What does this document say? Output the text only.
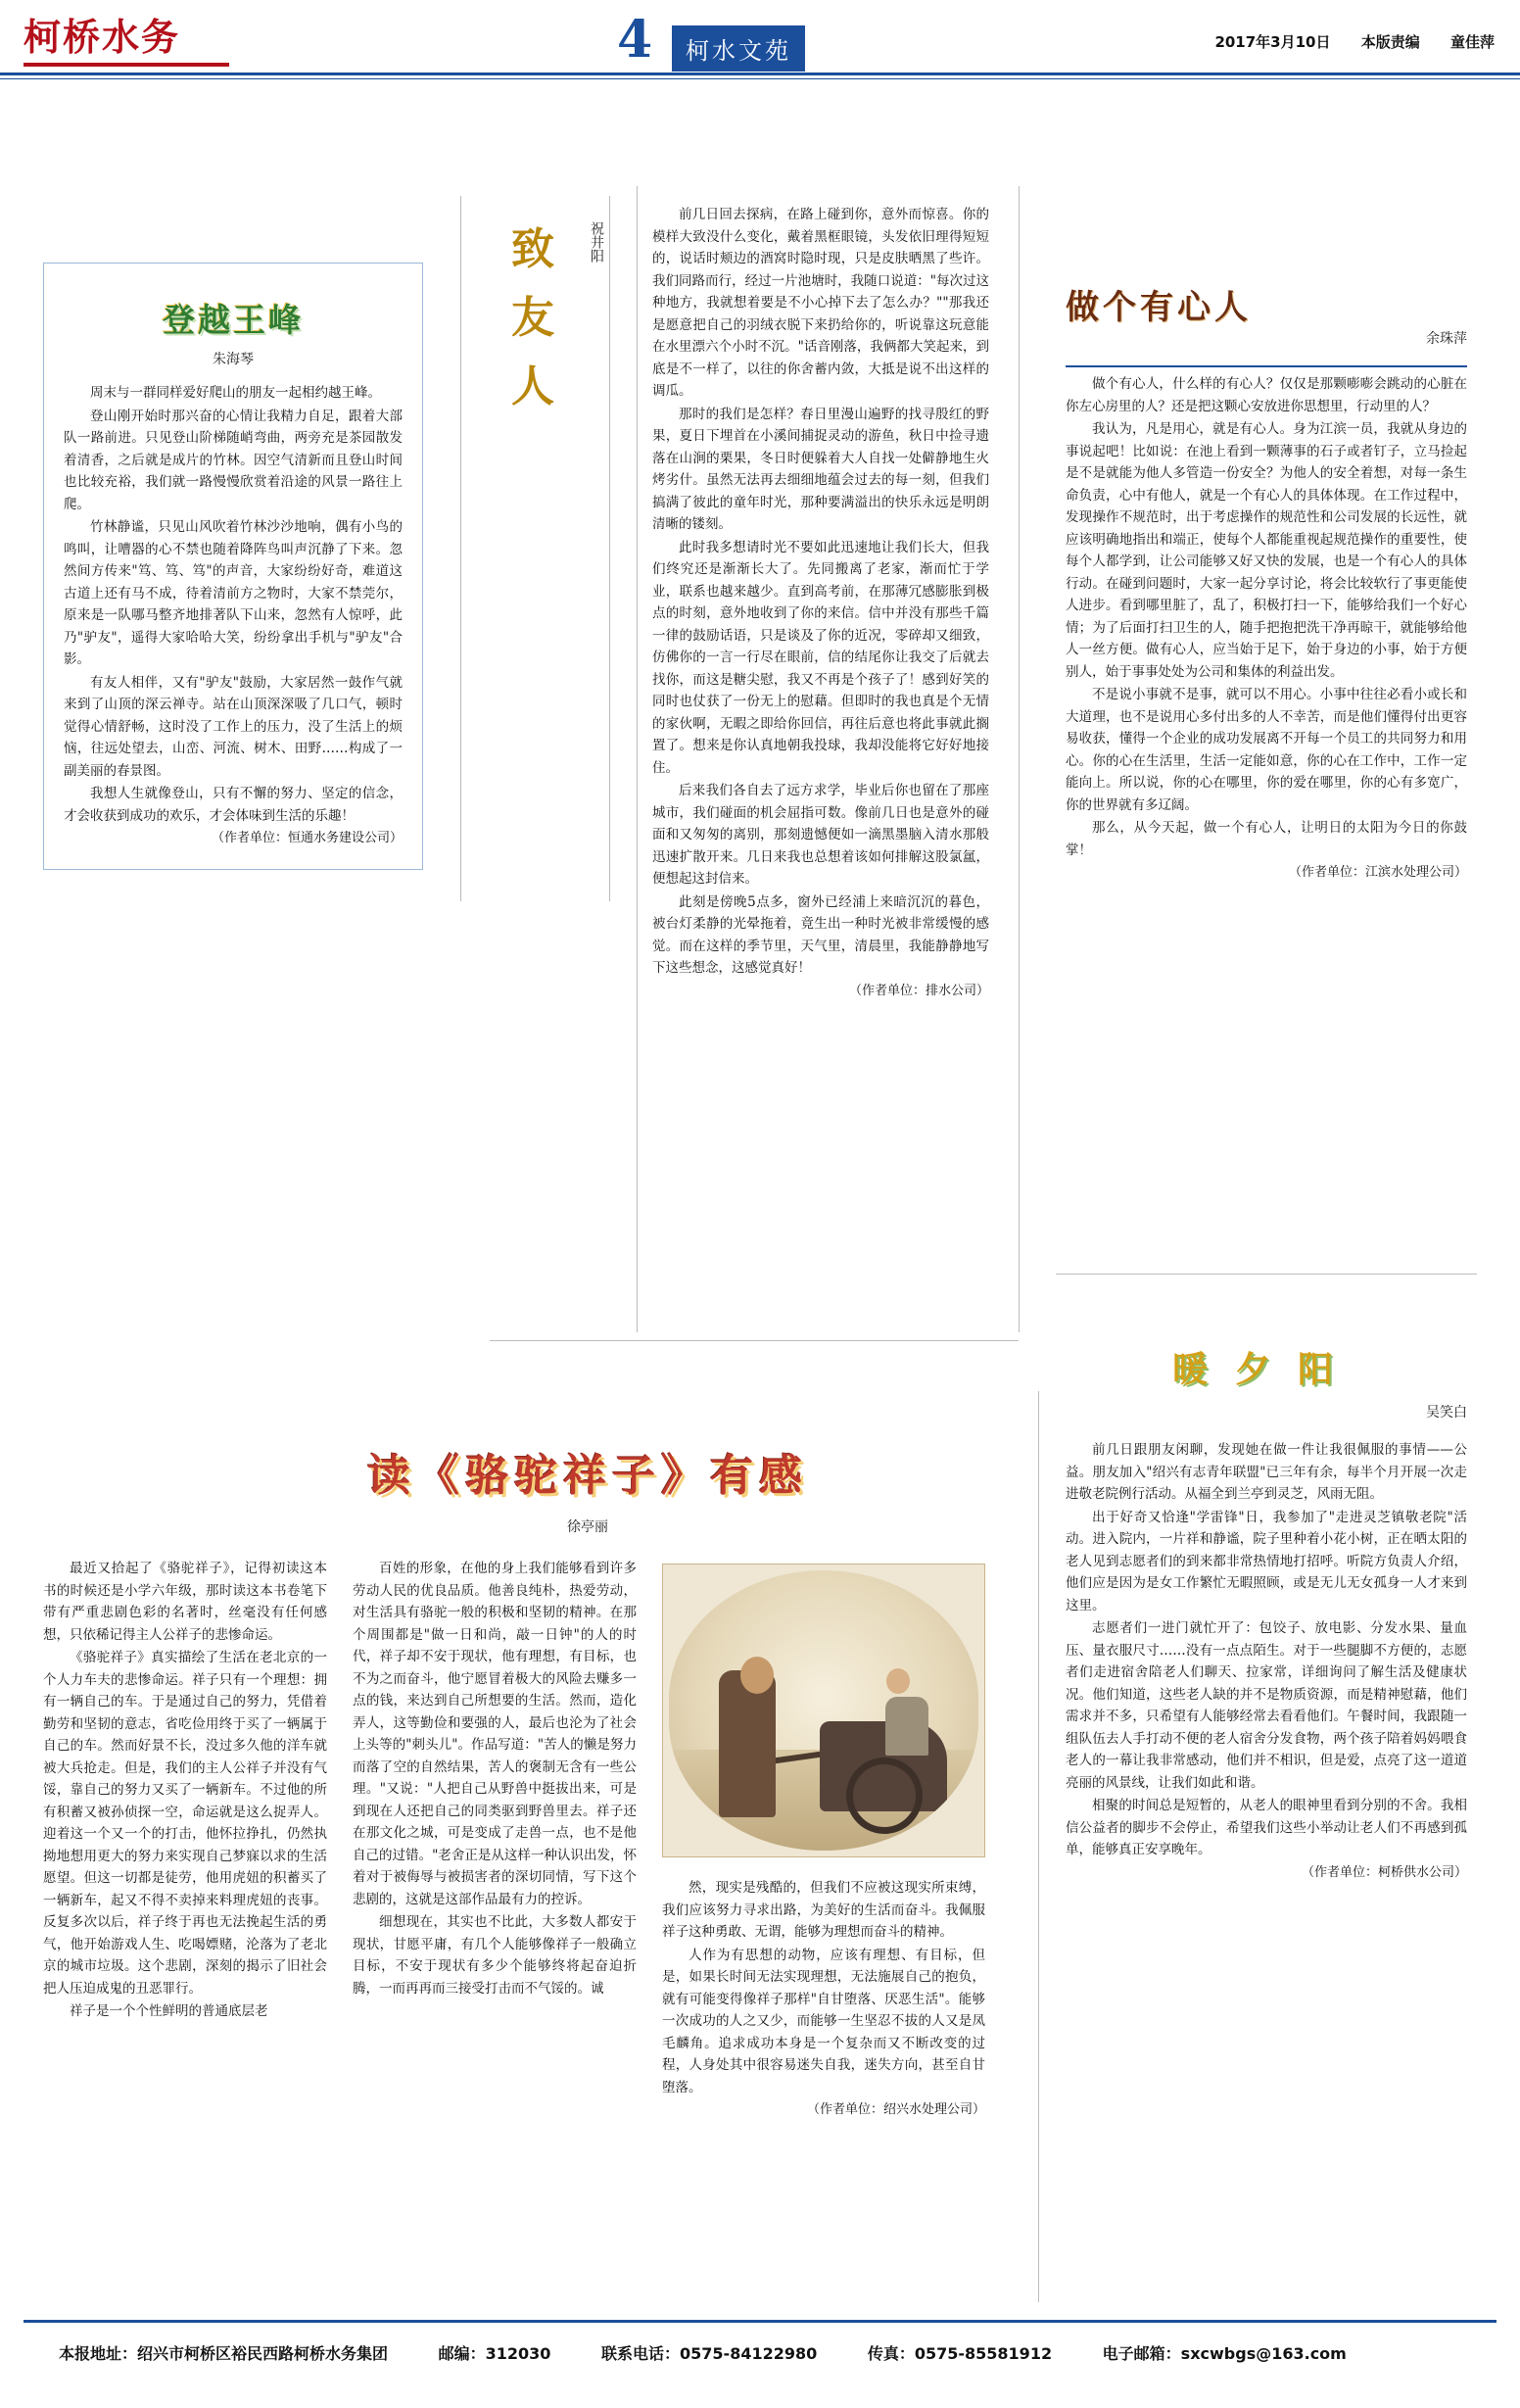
柯桥水务	4	柯水文苑	2017年3月10日 本版责编 童佳萍
登越王峰
朱海琴

周末与一群同样爱好爬山的朋友一起相约越王峰。

登山刚开始时那兴奋的心情让我精力自足，跟着大部队一路前进。只见登山阶梯随峭弯曲，两旁充是茶园散发着清香，之后就是成片的竹林。因空气清新而且登山时间也比较充裕，我们就一路慢慢欣赏着沿途的风景一路往上爬。

竹林静谧，只见山风吹着竹林沙沙地响，偶有小鸟的鸣叫，让嘈器的心不禁也随着降阵鸟叫声沉静了下来。忽然间方传来"笃、笃、笃"的声音，大家纷纷好奇，难道这古道上还有马不成，待着清前方之物时，大家不禁莞尔，原来是一队哪马整齐地排著队下山来，忽然有人惊呼，此乃"驴友"，遥得大家哈哈大笑，纷纷拿出手机与"驴友"合影。

有友人相伴，又有"驴友"鼓励，大家居然一鼓作气就来到了山顶的深云禅寺。站在山顶深深吸了几口气，顿时觉得心情舒畅，这时没了工作上的压力，没了生活上的烦恼，往远处望去，山峦、河流、树木、田野……构成了一副美丽的春景图。

我想人生就像登山，只有不懈的努力、坚定的信念，才会收获到成功的欢乐，才会体味到生活的乐趣！

（作者单位：恒通水务建设公司）

致
友
人
祝井阳

前几日回去探病，在路上碰到你，意外而惊喜。你的模样大致没什么变化，戴着黑框眼镜，头发依旧理得短短的，说话时颊边的酒窝时隐时现，只是皮肤晒黑了些许。我们同路而行，经过一片池塘时，我随口说道："每次过这种地方，我就想着要是不小心掉下去了怎么办？""那我还是愿意把自己的羽绒衣脱下来扔给你的，听说靠这玩意能在水里漂六个小时不沉。"话音刚落，我俩都大笑起来，到底是不一样了，以往的你舍蓄内敛，大抵是说不出这样的调瓜。

那时的我们是怎样？春日里漫山遍野的找寻殷红的野果，夏日下埋首在小溪间捕捉灵动的游鱼，秋日中捡寻遗落在山涧的栗果，冬日时便躲着大人自找一处僻静地生火烤劣什。虽然无法再去细细地蕴会过去的每一刻，但我们搞满了彼此的童年时光，那种要满溢出的快乐永远是明朗清晰的镂刻。

此时我多想请时光不要如此迅速地让我们长大，但我们终究还是渐渐长大了。先同搬离了老家，渐而忙于学业，联系也越来越少。直到高考前，在那薄冗感膨胀到极点的时刻，意外地收到了你的来信。信中并没有那些千篇一律的鼓励话语，只是谈及了你的近况，零碎却又细致，仿佛你的一言一行尽在眼前，信的结尾你让我交了后就去找你，而这是糖尖慰，我又不再是个孩子了！感到好笑的同时也仗获了一份无上的慰藉。但即时的我也真是个无情的家伙啊，无暇之即给你回信，再往后意也将此事就此搁置了。想来是你认真地朝我投球，我却没能将它好好地接住。

后来我们各自去了远方求学，毕业后你也留在了那座城市，我们碰面的机会屈指可数。像前几日也是意外的碰面和又匆匆的离别，那刻遗憾便如一滴黑墨脑入清水那般迅速扩散开来。几日来我也总想着该如何排解这股氯氲，便想起这封信来。

此刻是傍晚5点多，窗外已经浦上来暗沉沉的暮色，被台灯柔静的光晕拖着，竟生出一种时光被非常缓慢的感觉。而在这样的季节里，天气里，清晨里，我能静静地写下这些想念，这感觉真好！

（作者单位：排水公司）

做个有心人
余珠萍

做个有心人，什么样的有心人？仅仅是那颗嘭嘭会跳动的心脏在你左心房里的人？还是把这颗心安放进你思想里，行动里的人？

我认为，凡是用心，就是有心人。身为江滨一员，我就从身边的事说起吧！比如说：在池上看到一颗薄事的石子或者钉子，立马捡起是不是就能为他人多管造一份安全？为他人的安全着想，对每一条生命负责，心中有他人，就是一个有心人的具体体现。在工作过程中，发现操作不规范时，出于考虑操作的规范性和公司发展的长远性，就应该明确地指出和端正，使每个人都能重视起规范操作的重要性，使每个人都学到，让公司能够又好又快的发展，也是一个有心人的具体行动。在碰到问题时，大家一起分享讨论，将会比较软行了事更能使人进步。看到哪里脏了，乱了，积极打扫一下，能够给我们一个好心情；为了后面打扫卫生的人，随手把抱把洗干净再晾干，就能够给他人一丝方便。做有心人，应当始于足下，始于身边的小事，始于方便别人，始于事事处处为公司和集体的利益出发。

不是说小事就不是事，就可以不用心。小事中往往必看小或长和大道理，也不是说用心多付出多的人不幸苦，而是他们懂得付出更容易收获，懂得一个企业的成功发展离不开每一个员工的共同努力和用心。你的心在生活里，生活一定能如意，你的心在工作中，工作一定能向上。所以说，你的心在哪里，你的爱在哪里，你的心有多宽广，你的世界就有多辽阔。

那么，从今天起，做一个有心人，让明日的太阳为今日的你鼓掌！

（作者单位：江滨水处理公司）

暖夕阳
吴笑白

前几日跟朋友闲聊，发现她在做一件让我很佩服的事情——公益。朋友加入"绍兴有志青年联盟"已三年有余，每半个月开展一次走进敬老院例行活动。从福全到兰亭到灵芝，风雨无阻。

出于好奇又恰逢"学雷锋"日，我参加了"走进灵芝镇敬老院"活动。进入院内，一片祥和静谧，院子里种着小花小树，正在晒太阳的老人见到志愿者们的到来都非常热情地打招呼。听院方负责人介绍，他们应是因为是女工作繁忙无暇照顾，或是无儿无女孤身一人才来到这里。

志愿者们一进门就忙开了：包饺子、放电影、分发水果、量血压、量衣服尺寸……没有一点点陌生。对于一些腿脚不方便的，志愿者们走进宿舍陪老人们聊天、拉家常，详细询问了解生活及健康状况。他们知道，这些老人缺的并不是物质资源，而是精神慰藉，他们需求并不多，只希望有人能够经常去看看他们。午餐时间，我跟随一组队伍去人手打动不便的老人宿舍分发食物，两个孩子陪着妈妈喂食老人的一幕让我非常感动，他们并不相识，但是爱，点亮了这一道道亮丽的风景线，让我们如此和谐。

相聚的时间总是短暂的，从老人的眼神里看到分别的不舍。我相信公益者的脚步不会停止，希望我们这些小举动让老人们不再感到孤单，能够真正安享晚年。

（作者单位：柯桥供水公司）

读《骆驼祥子》有感
徐亭丽

最近又拾起了《骆驼祥子》，记得初读这本书的时候还是小学六年级，那时读这本书卷笔下带有严重悲剧色彩的名著时，丝毫没有任何感想，只依稀记得主人公祥子的悲惨命运。

《骆驼祥子》真实描绘了生活在老北京的一个人力车夫的悲惨命运。祥子只有一个理想：拥有一辆自己的车。于是通过自己的努力，凭借着勤劳和坚韧的意志，省吃俭用终于买了一辆属于自己的车。然而好景不长，没过多久他的洋车就被大兵抢走。但是，我们的主人公祥子并没有气馁，靠自己的努力又买了一辆新车。不过他的所有积蓄又被孙侦探一空，命运就是这么捉弄人。迎着这一个又一个的打击，他怀拉挣扎，仍然执拗地想用更大的努力来实现自己梦寐以求的生活愿望。但这一切都是徒劳，他用虎妞的积蓄买了一辆新车，起又不得不卖掉来料理虎妞的丧事。反复多次以后，祥子终于再也无法挽起生活的勇气，他开始游戏人生、吃喝嫖赌，沦落为了老北京的城市垃圾。这个悲剧，深刻的揭示了旧社会把人压迫成鬼的丑恶罪行。

祥子是一个个性鲜明的普通底层老

百姓的形象，在他的身上我们能够看到许多劳动人民的优良品质。他善良纯朴，热爱劳动，对生活具有骆驼一般的积极和坚韧的精神。在那个周围都是"做一日和尚，敲一日钟"的人的时代，祥子却不安于现状，他有理想，有目标，也不为之而奋斗，他宁愿冒着极大的风险去赚多一点的钱，来达到自己所想要的生活。然而，造化弄人，这等勤俭和要强的人，最后也沦为了社会上头等的"刺头儿"。作品写道："苦人的懒是努力而落了空的自然结果，苦人的褒制无含有一些公理。"又说："人把自己从野兽中挺拔出来，可是到现在人还把自己的同类驱到野兽里去。祥子还在那文化之城，可是变成了走兽一点，也不是他自己的过错。"老舍正是从这样一种认识出发，怀着对于被侮辱与被损害者的深切同情，写下这个悲剧的，这就是这部作品最有力的控诉。

细想现在，其实也不比此，大多数人都安于现状，甘愿平庸，有几个人能够像祥子一般确立目标，不安于现状有多少个能够终将起奋迫折腾，一而再再而三接受打击而不气馁的。诚

然，现实是残酷的，但我们不应被这现实所束缚，我们应该努力寻求出路，为美好的生活而奋斗。我佩服祥子这种勇敢、无谓，能够为理想而奋斗的精神。

人作为有思想的动物，应该有理想、有目标，但是，如果长时间无法实现理想，无法施展自己的抱负，就有可能变得像祥子那样"自甘堕落、厌恶生活"。能够一次成功的人之又少，而能够一生坚忍不拔的人又是凤毛麟角。追求成功本身是一个复杂而又不断改变的过程，人身处其中很容易迷失自我，迷失方向，甚至自甘堕落。

（作者单位：绍兴水处理公司）

本报地址：绍兴市柯桥区裕民西路柯桥水务集团	邮编：312030	联系电话：0575-84122980	传真：0575-85581912	电子邮箱：sxcwbgs@163.com
